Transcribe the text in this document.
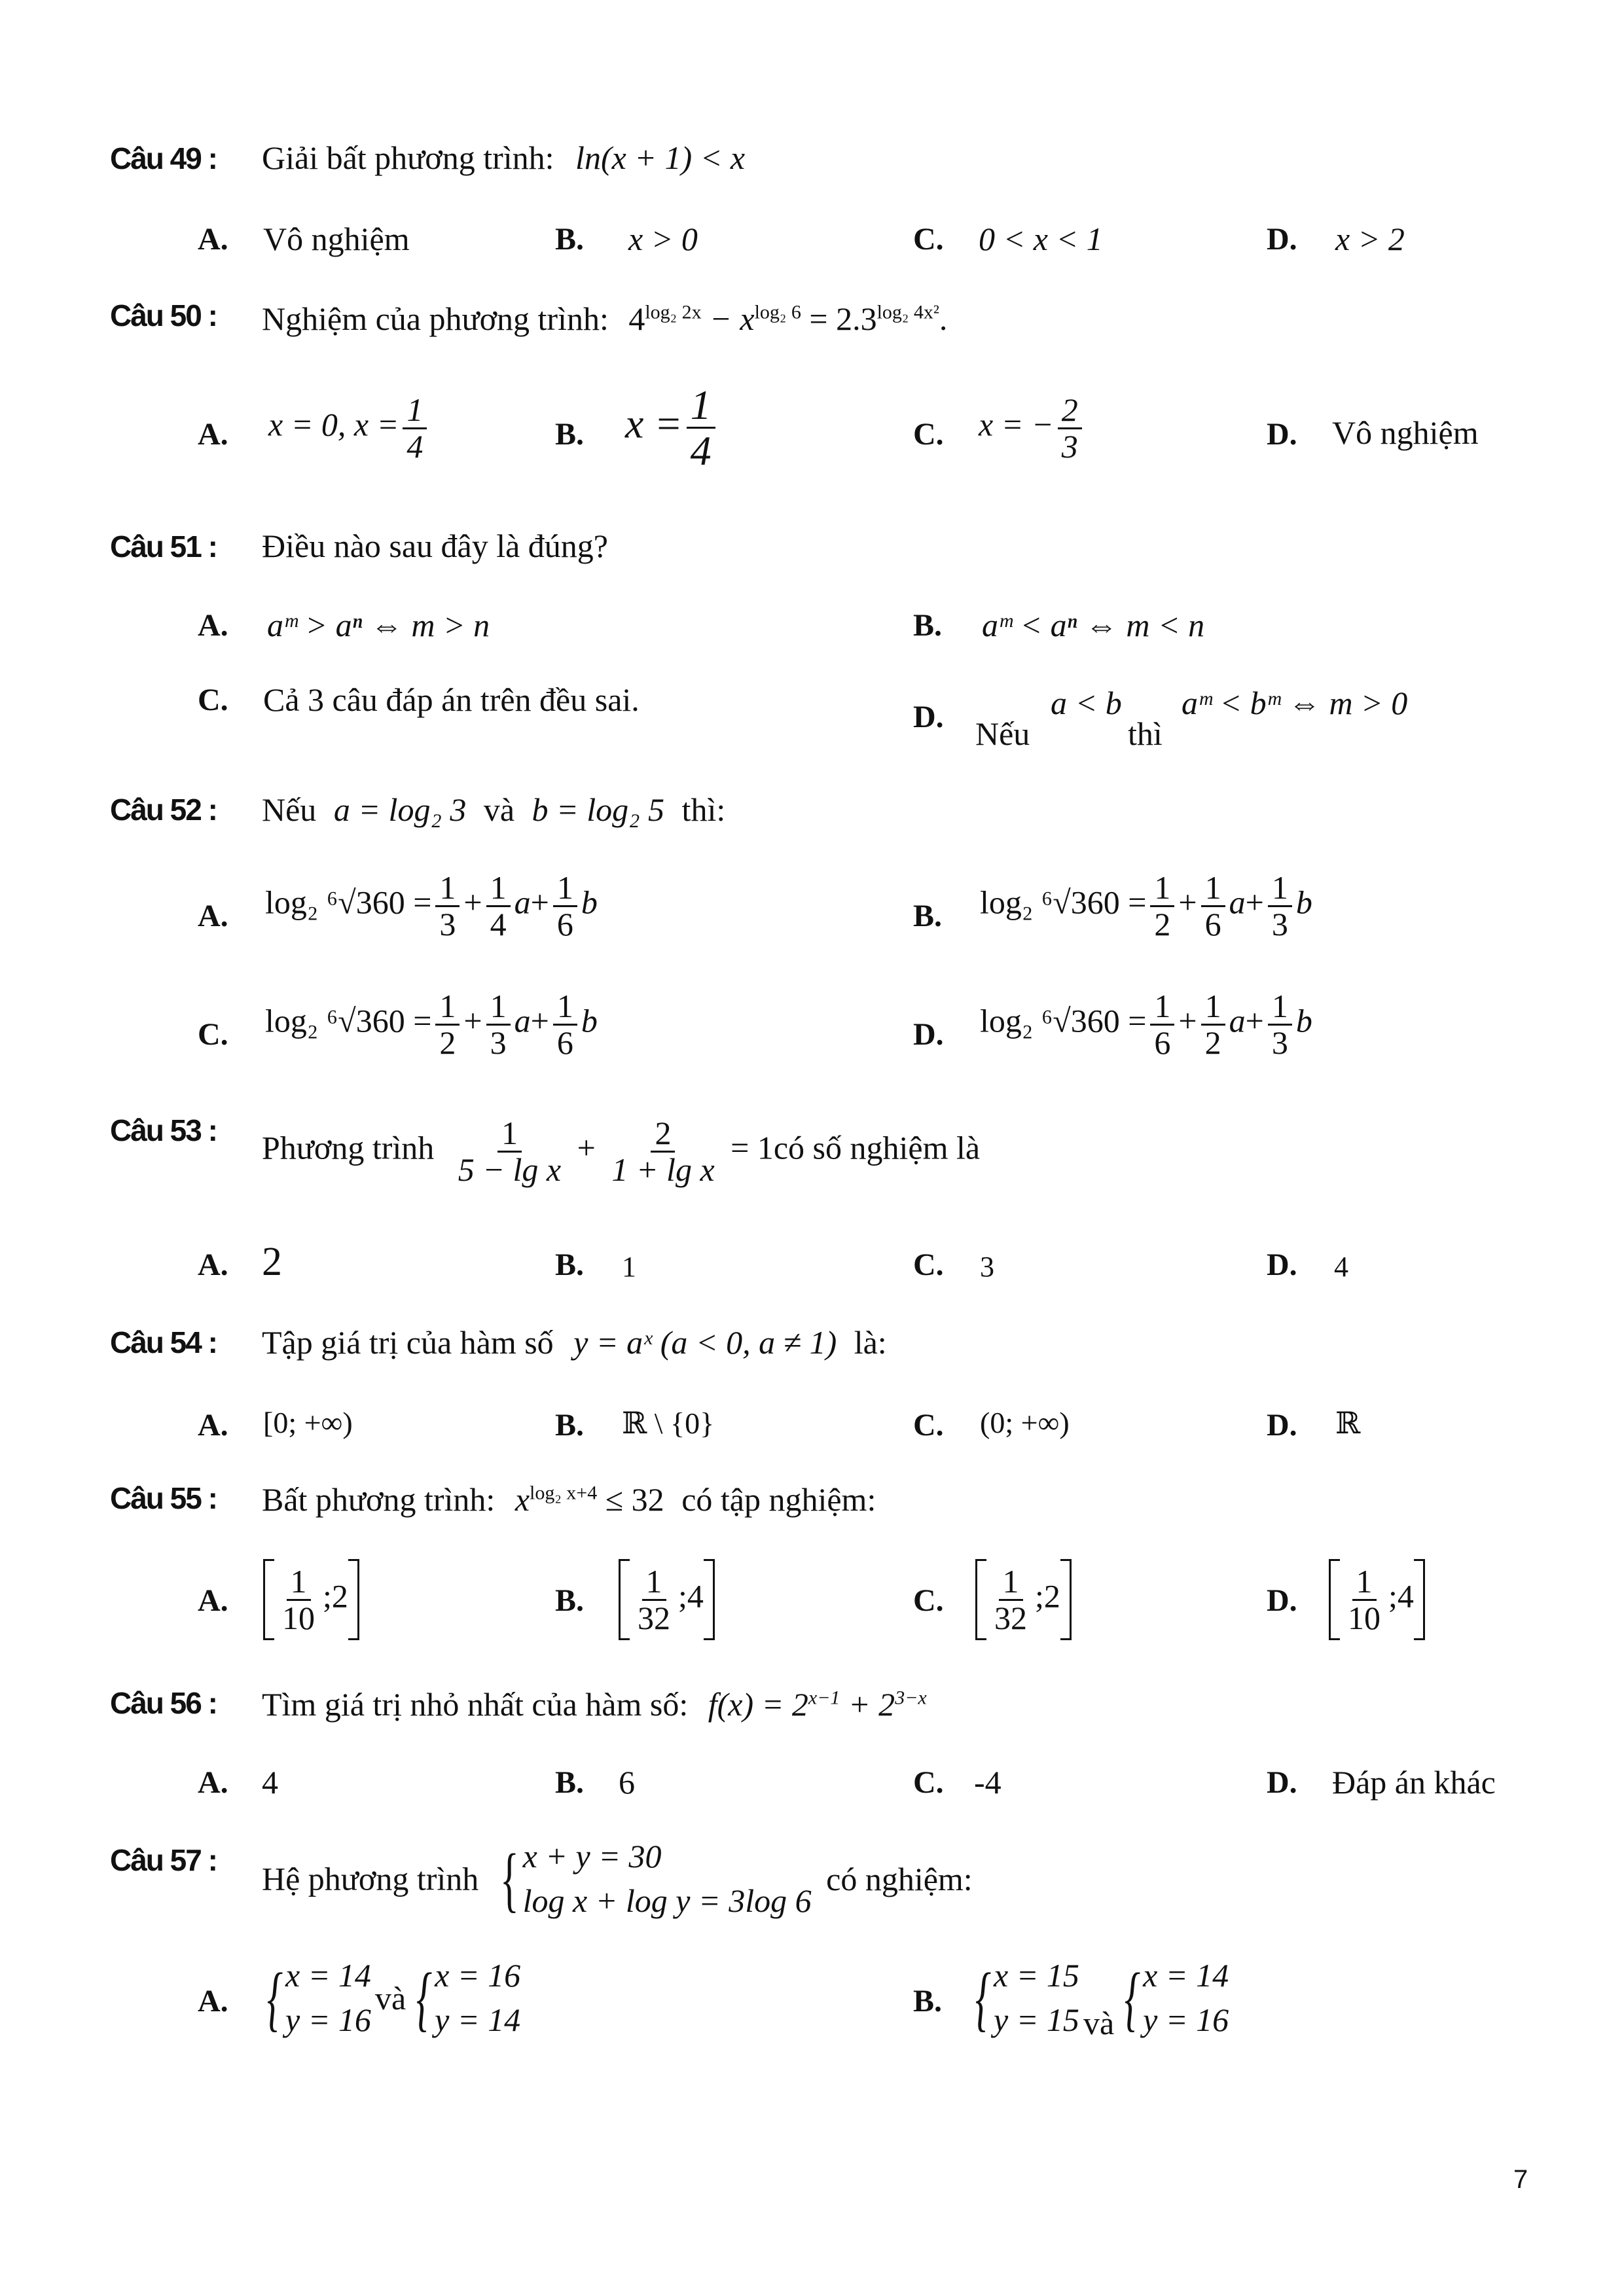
Câu 49 : Giải bất phương trình: ln(x + 1) < x
A. Vô nghiệm	B. x > 0	C. 0 < x < 1	D. x > 2
Câu 50 : Nghiệm của phương trình: $4^{log_2 2x} - x^{log_2 6} = 2.3^{log_2 4x^2}$.
A. x = 0, $x = \frac{1}{4}$	B. $x = \frac{1}{4}$	C. x = − $\frac{2}{3}$	D. Vô nghiệm
Câu 51 : Điều nào sau đây là đúng?
A. aᵐ > aⁿ ⇔ m > n	B. aᵐ < aⁿ ⇔ m < n
C. Cả 3 câu đáp án trên đều sai.	D. Nếu
a < b
thì
aᵐ < bᵐ ⇔ m > 0
Câu 52 : Nếu a = log₂ 3 và b = log₂ 5 thì:
A. log₂ $^6√360 = \frac{1}{3} + \frac{1}{4} a+ \frac{1}{6}$ b	B. log₂ $^6√360 = \frac{1}{2} + \frac{1}{6} a+ \frac{1}{3}$ b
C. log₂ $^6√360 = \frac{1}{2} + \frac{1}{3} a+ \frac{1}{6}$ b	D. log₂ $^6√360 = \frac{1}{6} + \frac{1}{2} a+ \frac{1}{3}$ b
Câu 53 : Phương trình $\frac{1}{\text{5 − lg x}} + \frac{2}{\text{1 + lg x}}$ = 1có số nghiệm là
A. 2	B. 1	C. 3	D. 4
Câu 54 : Tập giá trị của hàm số y = aˣ (a < 0, a ≠ 1) là:
A. [0; +∞)	B. ℝ \ {0}	C. (0; +∞)	D. ℝ
Câu 55 : Bất phương trình: $x^{log_2 x+4} \le 32$ có tập nghiệm:
A. $\frac{1}{10}$ ;2	B. $\frac{1}{32}$ ;4	C. $\frac{1}{32}$ ;2	D. $\frac{1}{10}$ ;4
Câu 56 : Tìm giá trị nhỏ nhất của hàm số: $f(x) = 2^{x-1} + 2^{3-x}$
A. 4	B. 6	C. -4	D. Đáp án khác
Câu 57 :
Hệ phương trình { x + y = 30
log x + log y = 3log 6
có nghiệm:
A. { x = 14
y = 16
và { x = 16
y = 14	B. { x = 15
y = 15 và { x = 14
y = 16
7
